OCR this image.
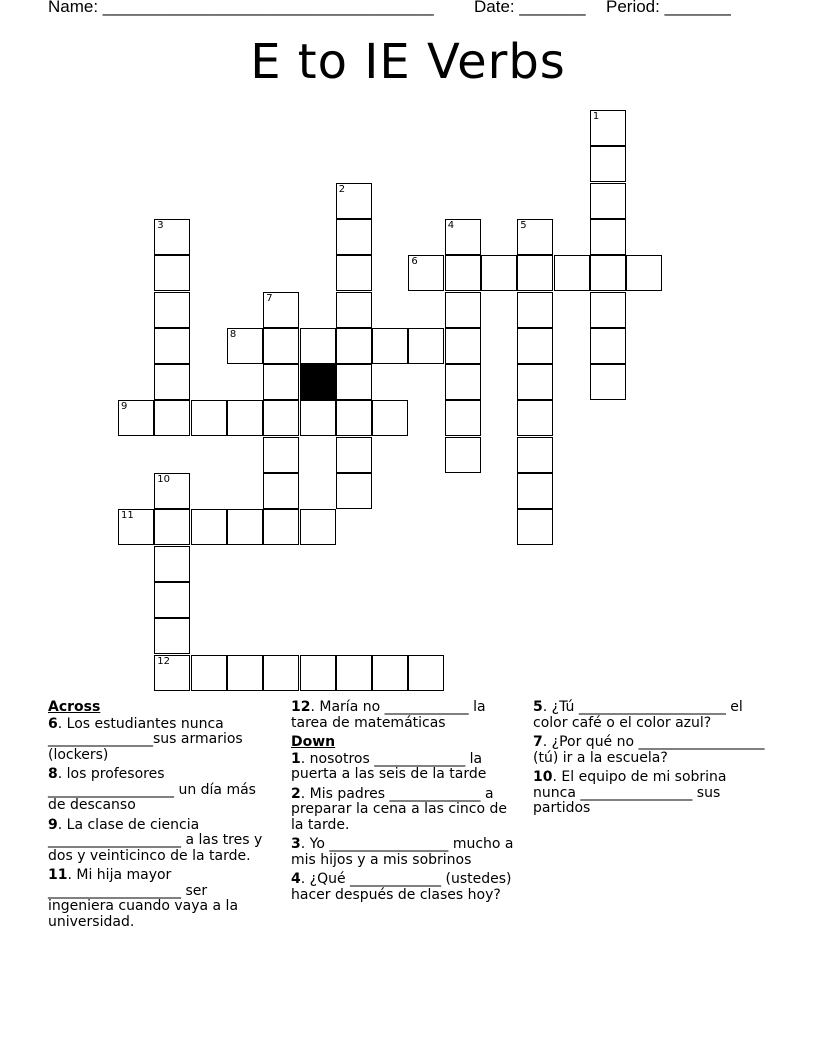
Name: ___________________________________ Date: _______ Period: _______
E to IE Verbs
1
2
3	4	5
6
7
8
9
10
12
11
Across
6. Los estudiantes nunca _______________sus armarios (lockers)
8. los profesores __________________ un día más de descanso
9. La clase de ciencia ___________________ a las tres y dos y veinticinco de la tarde.
11. Mi hija mayor ___________________ ser ingeniera cuando vaya a la universidad.
12. María no ____________ la tarea de matemáticas
Down
1. nosotros _____________ la puerta a las seis de la tarde
2. Mis padres _____________ a preparar la cena a las cinco de la tarde.
3. Yo _________________ mucho a mis hijos y a mis sobrinos
4. ¿Qué _____________ (ustedes) hacer después de clases hoy?
5. ¿Tú _____________________ el color café o el color azul?
7. ¿Por qué no __________________ (tú) ir a la escuela?
10. El equipo de mi sobrina nunca ________________ sus partidos
